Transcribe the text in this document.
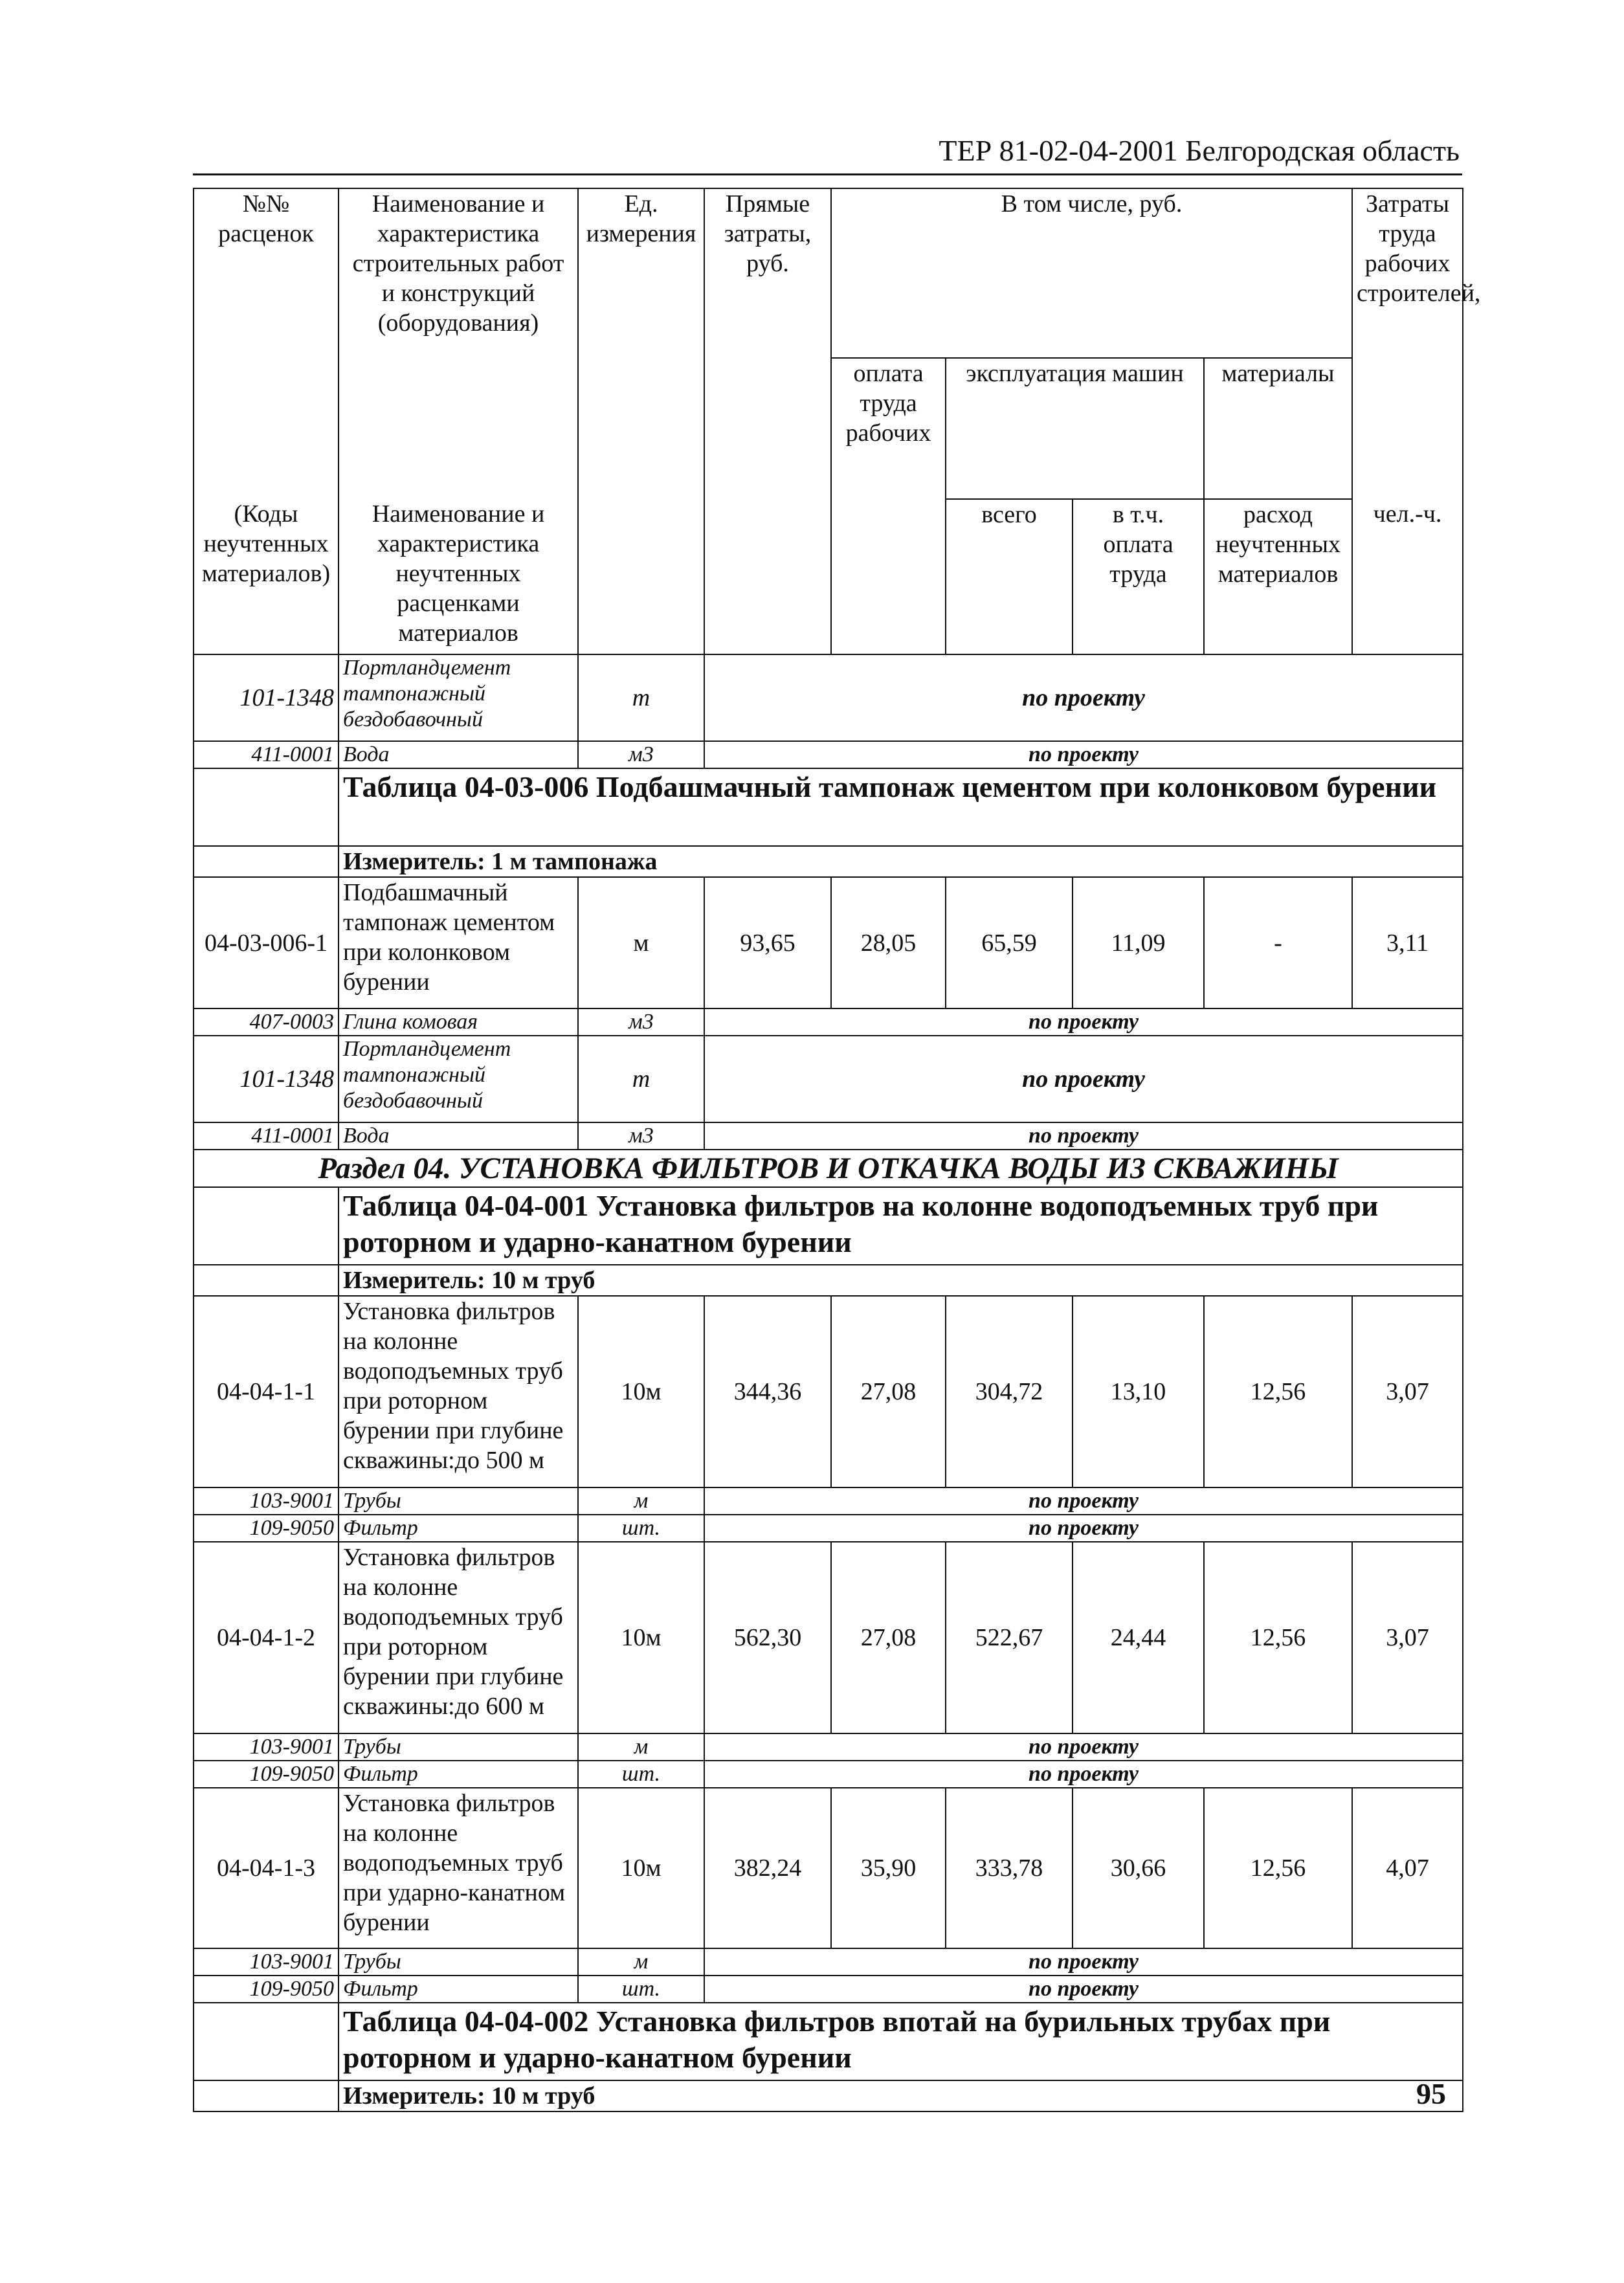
ТЕР 81-02-04-2001 Белгородская область
№№ расценок	Наименование и характеристика строительных работ и конструкций (оборудования)	Ед. измерения	Прямые затраты, руб.	В том числе, руб.				Затраты труда рабочих строителей,
				оплата труда рабочих	эксплуатация машин		материалы	
(Коды неучтенных материалов)	Наименование и характеристика неучтенных расценками материалов				всего	в т.ч. оплата труда	расход неучтенных материалов	чел.-ч.
101-1348	Портландцемент тампонажный бездобавочный	т	по проекту					
411-0001	Вода	м3	по проекту					
	Таблица 04-03-006 Подбашмачный тампонаж цементом при колонковом бурении							
	Измеритель: 1 м тампонажа							
04-03-006-1	Подбашмачный тампонаж цементом при колонковом бурении	м	93,65	28,05	65,59	11,09	-	3,11
407-0003	Глина комовая	м3	по проекту					
101-1348	Портландцемент тампонажный бездобавочный	т	по проекту					
411-0001	Вода	м3	по проекту					
Раздел 04. УСТАНОВКА ФИЛЬТРОВ И ОТКАЧКА ВОДЫ ИЗ СКВАЖИНЫ								
	Таблица 04-04-001 Установка фильтров на колонне водоподъемных труб при роторном и ударно-канатном бурении							
	Измеритель: 10 м труб							
04-04-1-1	Установка фильтров на колонне водоподъемных труб при роторном бурении при глубине скважины:до 500 м	10м	344,36	27,08	304,72	13,10	12,56	3,07
103-9001	Трубы	м	по проекту					
109-9050	Фильтр	шт.	по проекту					
04-04-1-2	Установка фильтров на колонне водоподъемных труб при роторном бурении при глубине скважины:до 600 м	10м	562,30	27,08	522,67	24,44	12,56	3,07
103-9001	Трубы	м	по проекту					
109-9050	Фильтр	шт.	по проекту					
04-04-1-3	Установка фильтров на колонне водоподъемных труб при ударно-канатном бурении	10м	382,24	35,90	333,78	30,66	12,56	4,07
103-9001	Трубы	м	по проекту					
109-9050	Фильтр	шт.	по проекту					
	Таблица 04-04-002 Установка фильтров впотай на бурильных трубах при роторном и ударно-канатном бурении							
	Измеритель: 10 м труб								95
